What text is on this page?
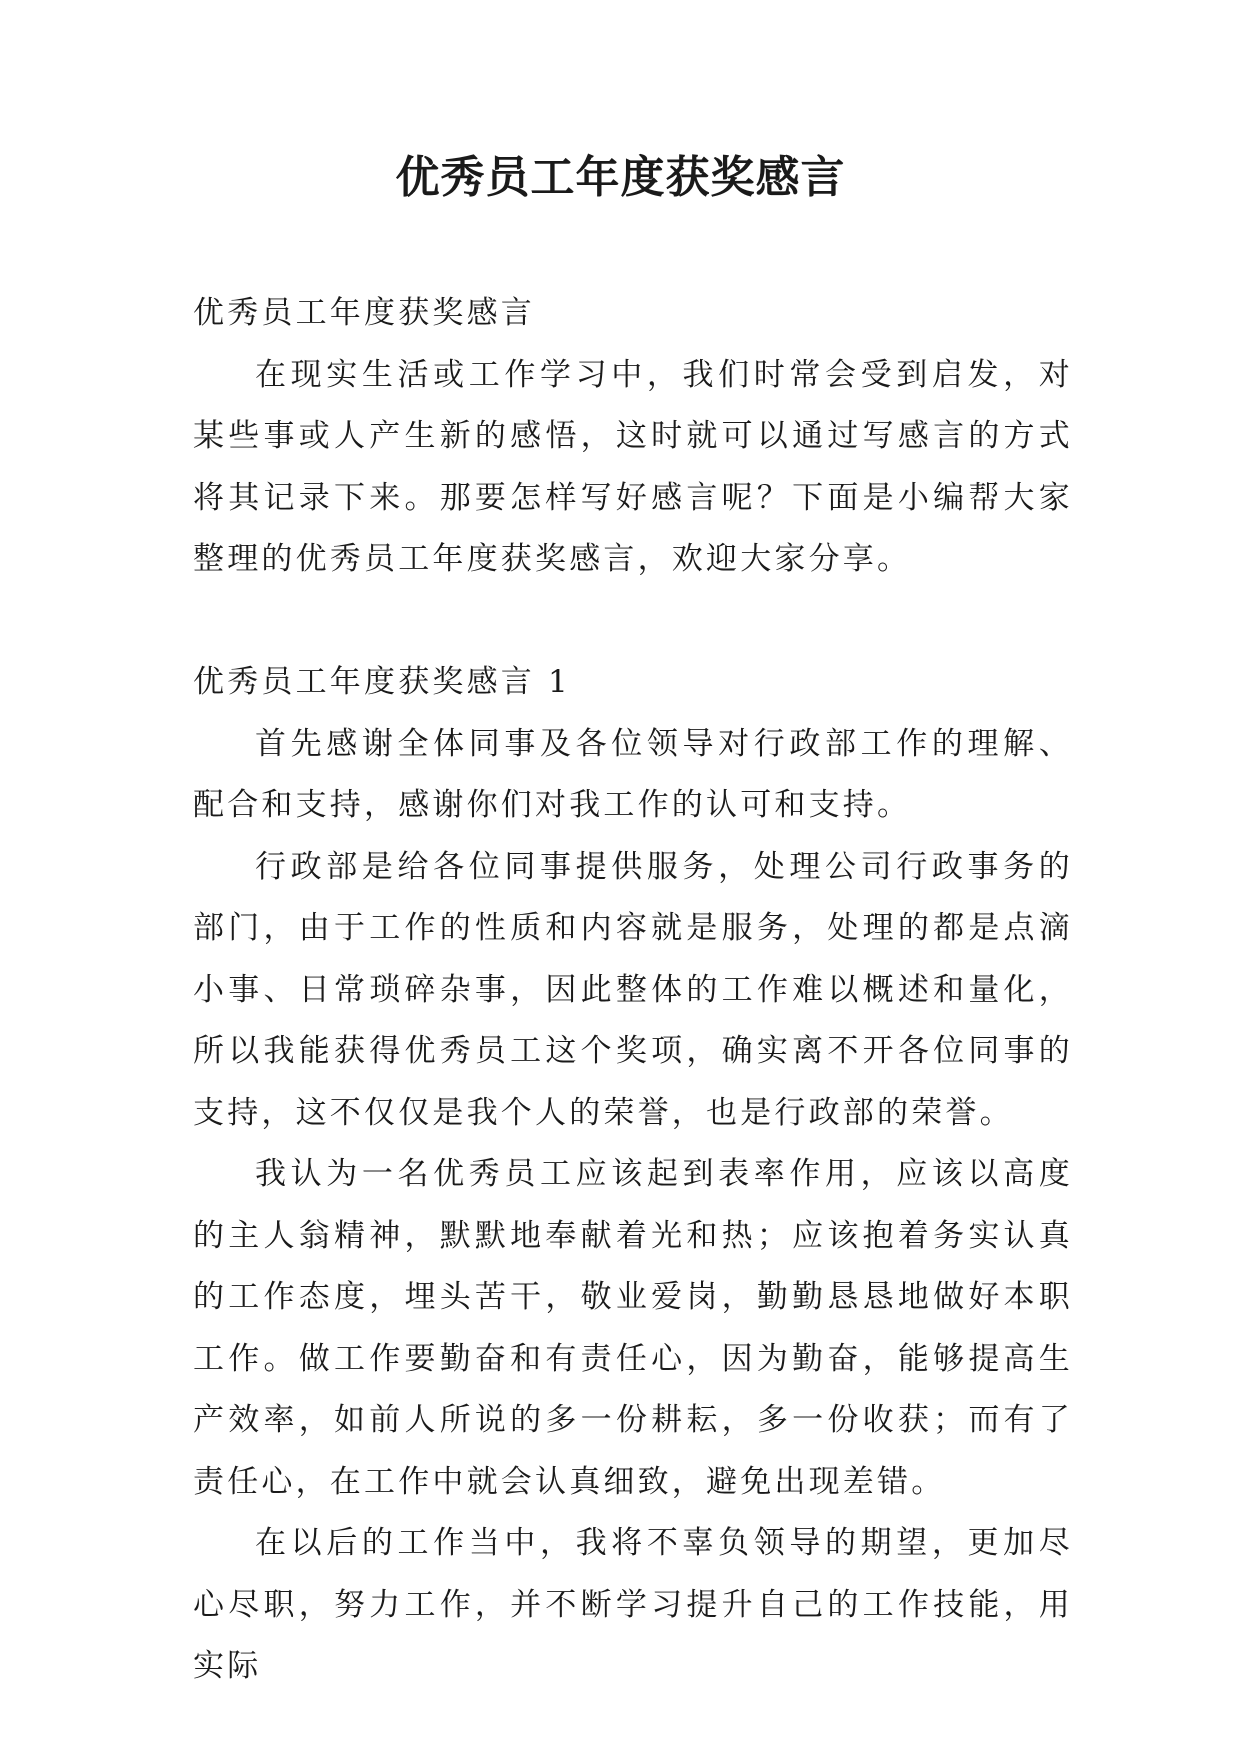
优秀员工年度获奖感言

优秀员工年度获奖感言

在现实生活或工作学习中，我们时常会受到启发，对某些事或人产生新的感悟，这时就可以通过写感言的方式将其记录下来。那要怎样写好感言呢？下面是小编帮大家整理的优秀员工年度获奖感言，欢迎大家分享。

优秀员工年度获奖感言 1

首先感谢全体同事及各位领导对行政部工作的理解、配合和支持，感谢你们对我工作的认可和支持。

行政部是给各位同事提供服务，处理公司行政事务的部门，由于工作的性质和内容就是服务，处理的都是点滴小事、日常琐碎杂事，因此整体的工作难以概述和量化，所以我能获得优秀员工这个奖项，确实离不开各位同事的支持，这不仅仅是我个人的荣誉，也是行政部的荣誉。

我认为一名优秀员工应该起到表率作用，应该以高度的主人翁精神，默默地奉献着光和热；应该抱着务实认真的工作态度，埋头苦干，敬业爱岗，勤勤恳恳地做好本职工作。做工作要勤奋和有责任心，因为勤奋，能够提高生产效率，如前人所说的多一份耕耘，多一份收获；而有了责任心，在工作中就会认真细致，避免出现差错。

在以后的工作当中，我将不辜负领导的期望，更加尽心尽职，努力工作，并不断学习提升自己的工作技能，用实际
